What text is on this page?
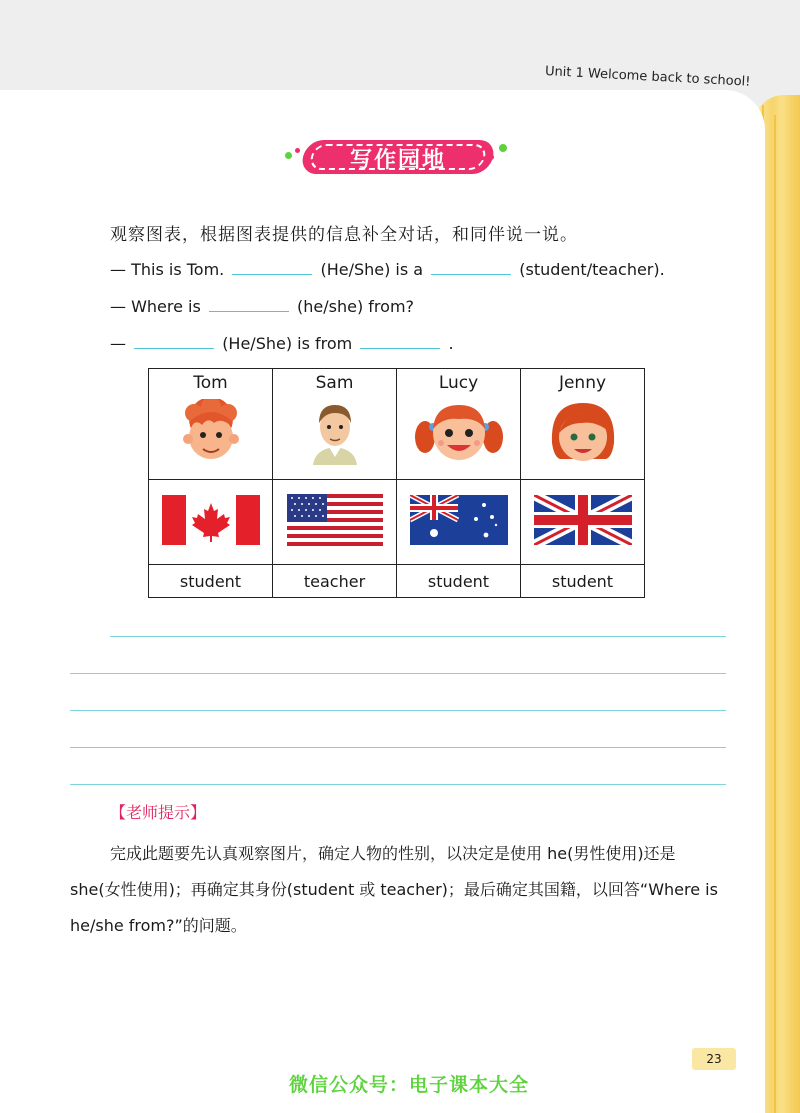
Unit 1 Welcome back to school!
写作园地
观察图表，根据图表提供的信息补全对话，和同伴说一说。
— This is Tom.	(He/She) is a	(student/teacher).
— Where is	(he/she) from?
—	(He/She) is from	.
Tom	Sam	Lucy	Jenny

student	teacher	student	student
【老师提示】
完成此题要先认真观察图片，确定人物的性别，以决定是使用 he(男性使用)还是 she(女性使用)；再确定其身份(student 或 teacher)；最后确定其国籍，以回答“Where is he/she from?”的问题。
23
微信公众号：电子课本大全
